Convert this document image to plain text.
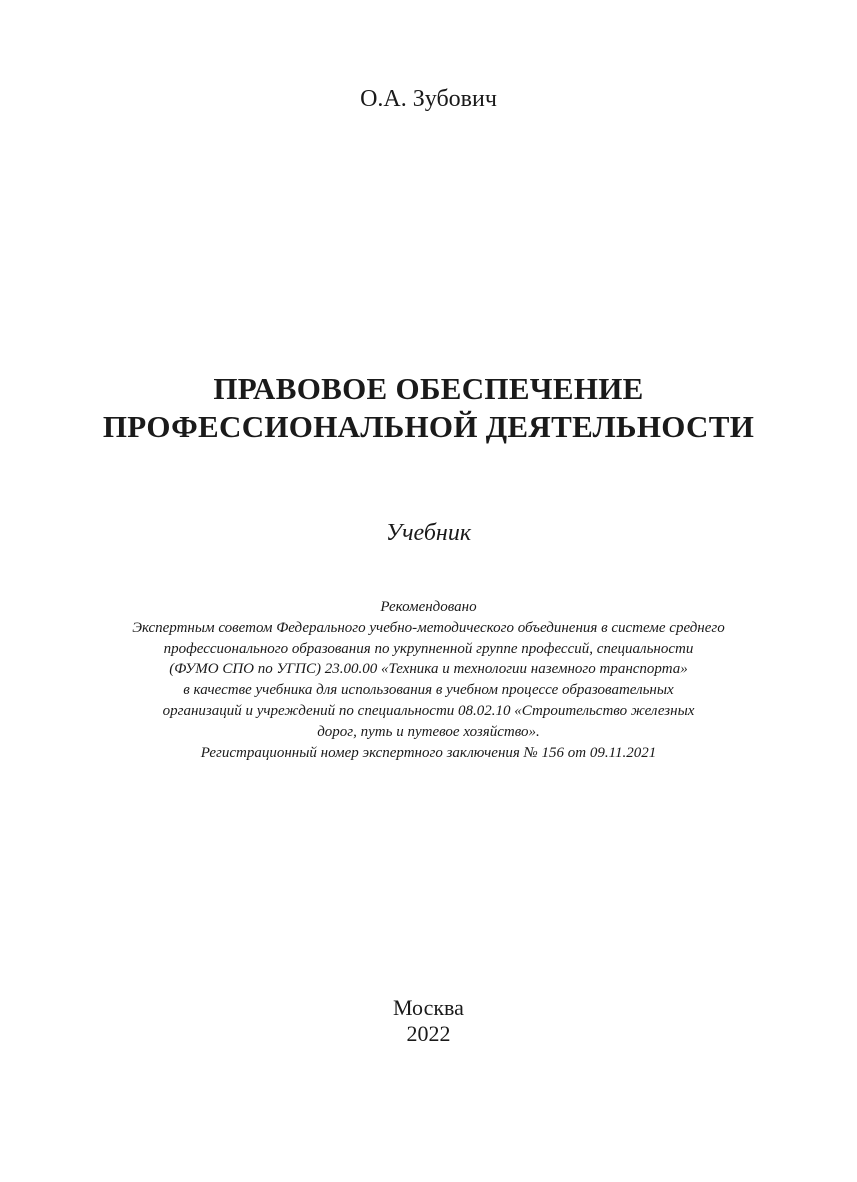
О.А. Зубович
ПРАВОВОЕ ОБЕСПЕЧЕНИЕ
ПРОФЕССИОНАЛЬНОЙ ДЕЯТЕЛЬНОСТИ
Учебник
Рекомендовано
Экспертным советом Федерального учебно-методического объединения в системе среднего
профессионального образования по укрупненной группе профессий, специальности
(ФУМО СПО по УГПС) 23.00.00 «Техника и технологии наземного транспорта»
в качестве учебника для использования в учебном процессе образовательных
организаций и учреждений по специальности 08.02.10 «Строительство железных
дорог, путь и путевое хозяйство».
Регистрационный номер экспертного заключения № 156 от 09.11.2021
Москва
2022
